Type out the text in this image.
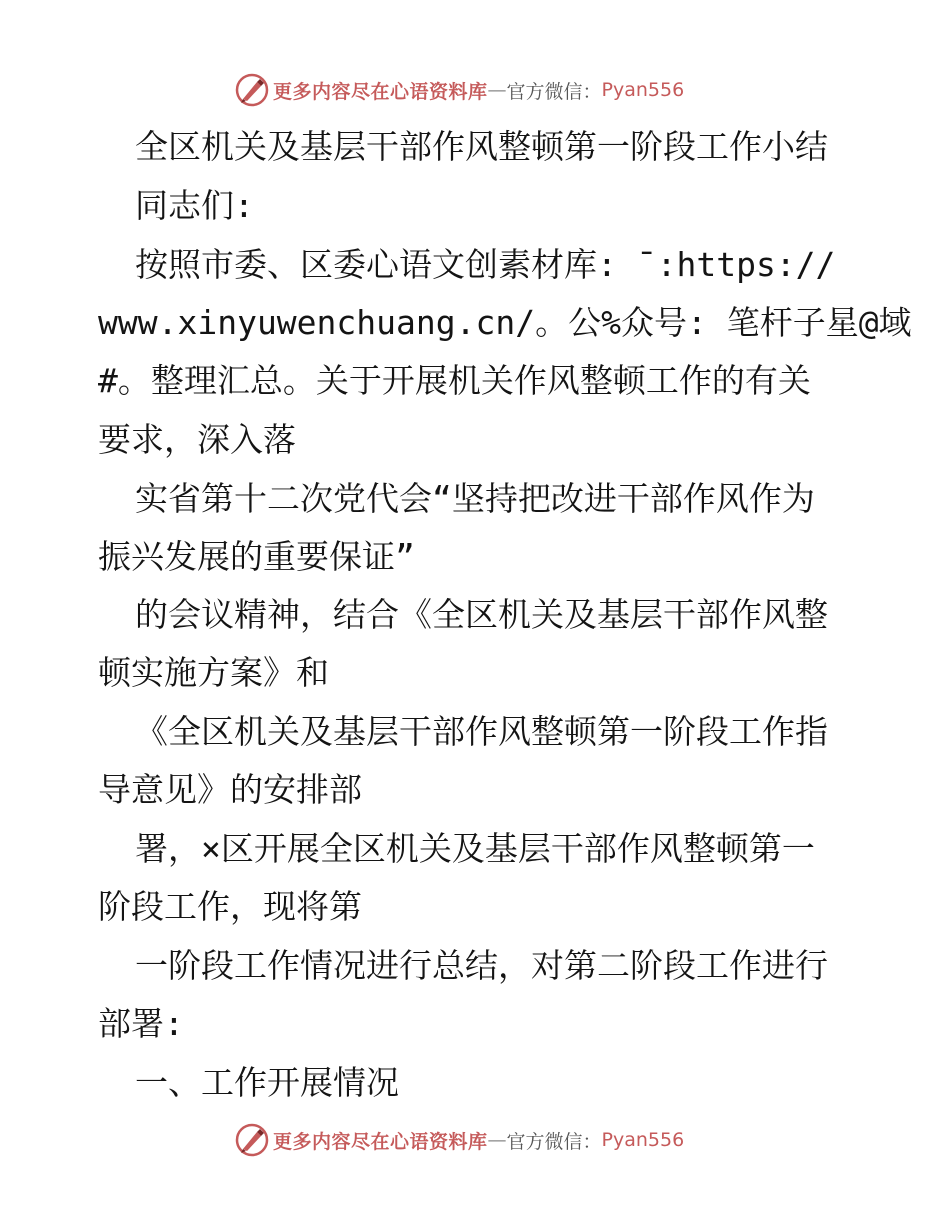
更多内容尽在心语资料库 — 官方微信： Pyan556
全区机关及基层干部作风整顿第一阶段工作小结
同志们:
按照市委、区委心语文创素材库: ¯:https://
www.xinyuwenchuang.cn/。公%众号: 笔杆子星@域
#。整理汇总。关于开展机关作风整顿工作的有关
要求，深入落
实省第十二次党代会“坚持把改进干部作风作为
振兴发展的重要保证”
的会议精神，结合《全区机关及基层干部作风整
顿实施方案》和
《全区机关及基层干部作风整顿第一阶段工作指
导意见》的安排部
署，×区开展全区机关及基层干部作风整顿第一
阶段工作，现将第
一阶段工作情况进行总结，对第二阶段工作进行
部署:
一、工作开展情况
更多内容尽在心语资料库 — 官方微信： Pyan556
